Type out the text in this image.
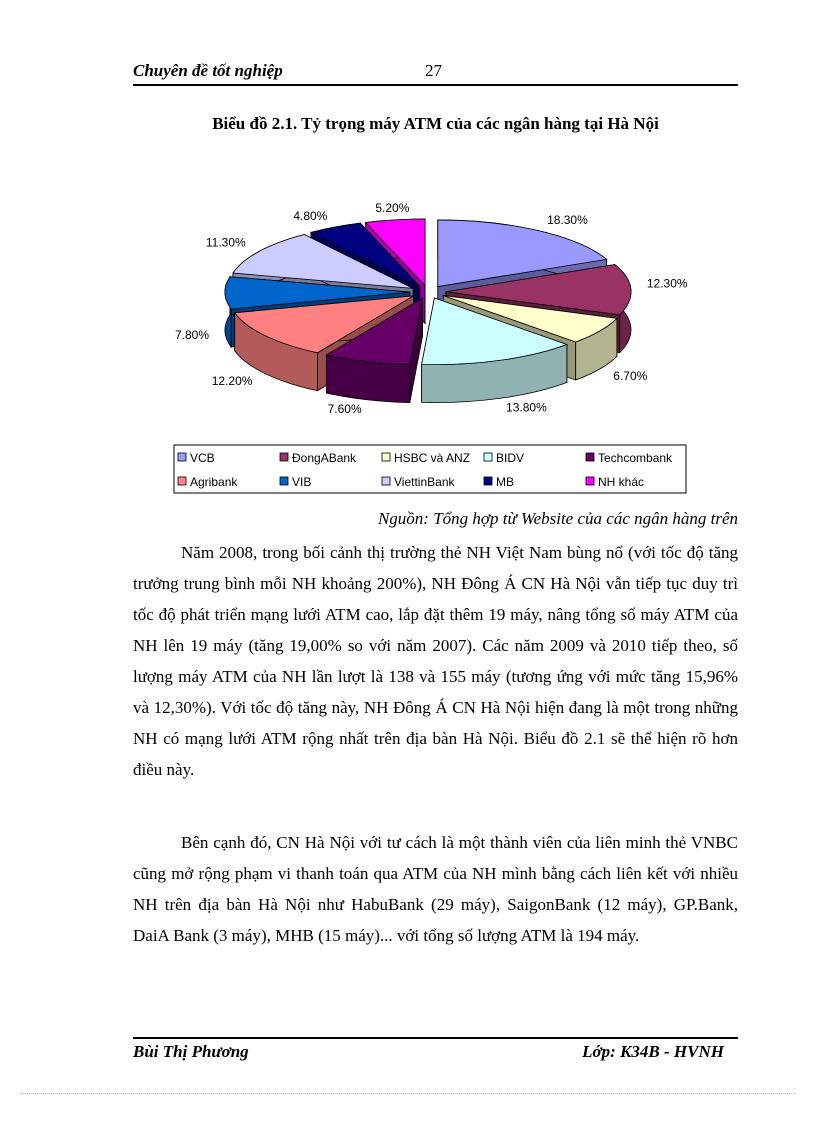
Chuyên đề tốt nghiệp	27
Biểu đồ 2.1. Tỷ trọng máy ATM của các ngân hàng tại Hà Nội
18.30%
12.30%
6.70%
13.80%
7.60%
12.20%
7.80%
11.30%
4.80%
5.20%
VCB	ĐongABank	HSBC và ANZ BIDV	Techcombank
Agribank	VIB	ViettinBank	MB	NH khác
Nguồn: Tổng hợp từ Website của các ngân hàng trên

Năm 2008, trong bối cảnh thị trường thẻ NH Việt Nam bùng nổ (với tốc độ tăng trưởng trung bình mỗi NH khoảng 200%), NH Đông Á CN Hà Nội vẫn tiếp tục duy trì tốc độ phát triển mạng lưới ATM cao, lắp đặt thêm 19 máy, nâng tổng số máy ATM của NH lên 19 máy (tăng 19,00% so với năm 2007). Các năm 2009 và 2010 tiếp theo, số lượng máy ATM của NH lần lượt là 138 và 155 máy (tương ứng với mức tăng 15,96% và 12,30%). Với tốc độ tăng này, NH Đông Á CN Hà Nội hiện đang là một trong những NH có mạng lưới ATM rộng nhất trên địa bàn Hà Nội. Biểu đồ 2.1 sẽ thể hiện rõ hơn điều này.

Bên cạnh đó, CN Hà Nội với tư cách là một thành viên của liên minh thẻ VNBC cũng mở rộng phạm vi thanh toán qua ATM của NH mình bằng cách liên kết với nhiều NH trên địa bàn Hà Nội như HabuBank (29 máy), SaigonBank (12 máy), GP.Bank, DaiA Bank (3 máy), MHB (15 máy)... với tổng số lượng ATM là 194 máy.

Bùi Thị Phương	Lớp: K34B - HVNH
